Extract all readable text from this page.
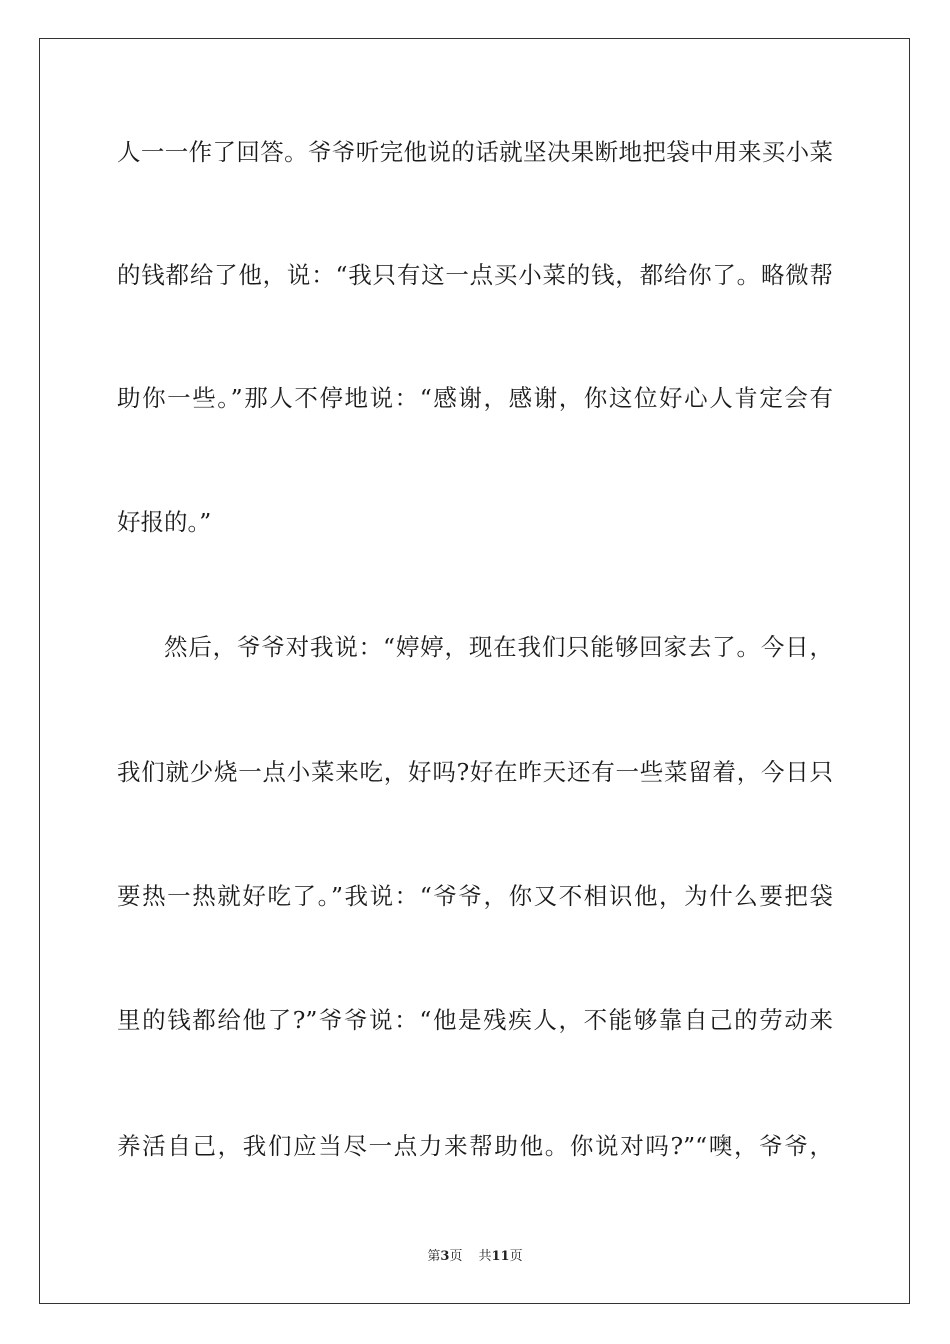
人一一作了回答。爷爷听完他说的话就坚决果断地把袋中用来买小菜
的钱都给了他，说：“我只有这一点买小菜的钱，都给你了。略微帮
助你一些。”那人不停地说：“感谢，感谢，你这位好心人肯定会有
好报的。”
然后，爷爷对我说：“婷婷，现在我们只能够回家去了。今日，
我们就少烧一点小菜来吃，好吗?好在昨天还有一些菜留着，今日只
要热一热就好吃了。”我说：“爷爷，你又不相识他，为什么要把袋
里的钱都给他了?”爷爷说：“他是残疾人，不能够靠自己的劳动来
养活自己，我们应当尽一点力来帮助他。你说对吗?”“噢，爷爷，
第3页 共11页
